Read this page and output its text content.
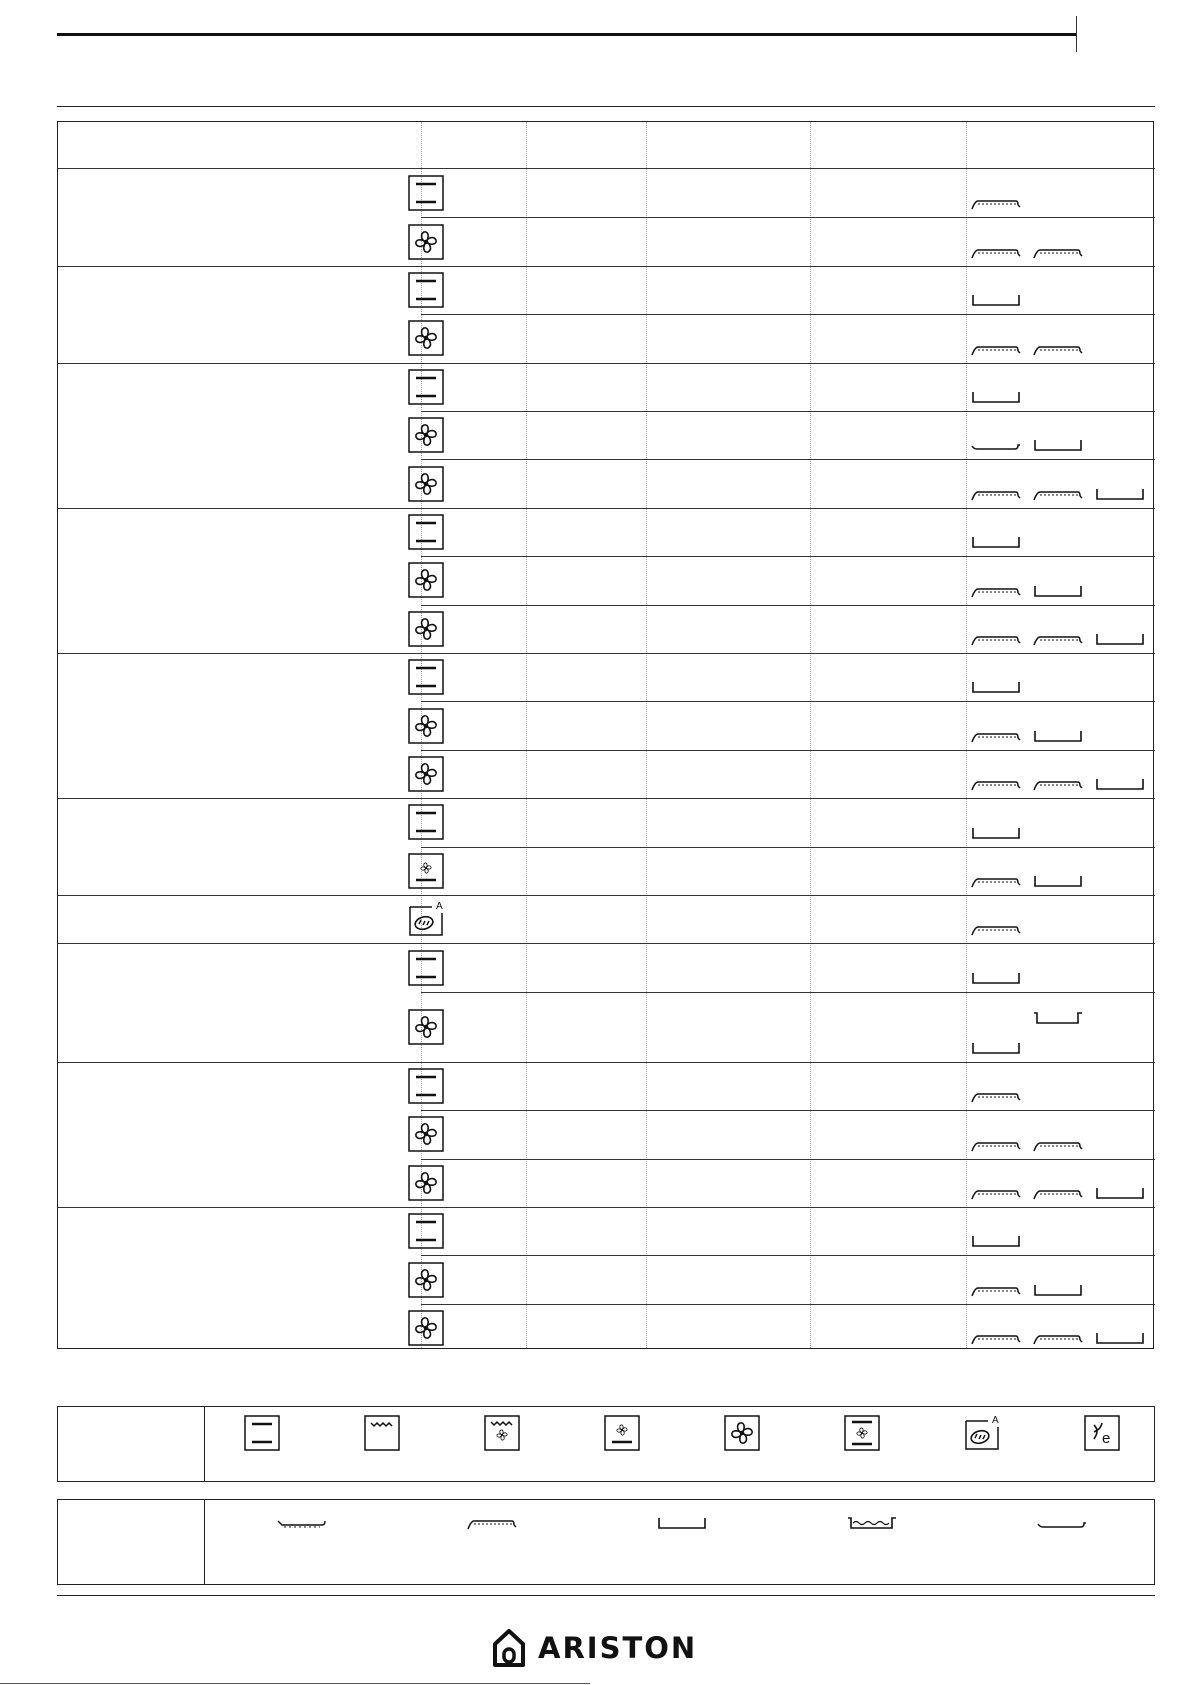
A
A
e
ARISTON
